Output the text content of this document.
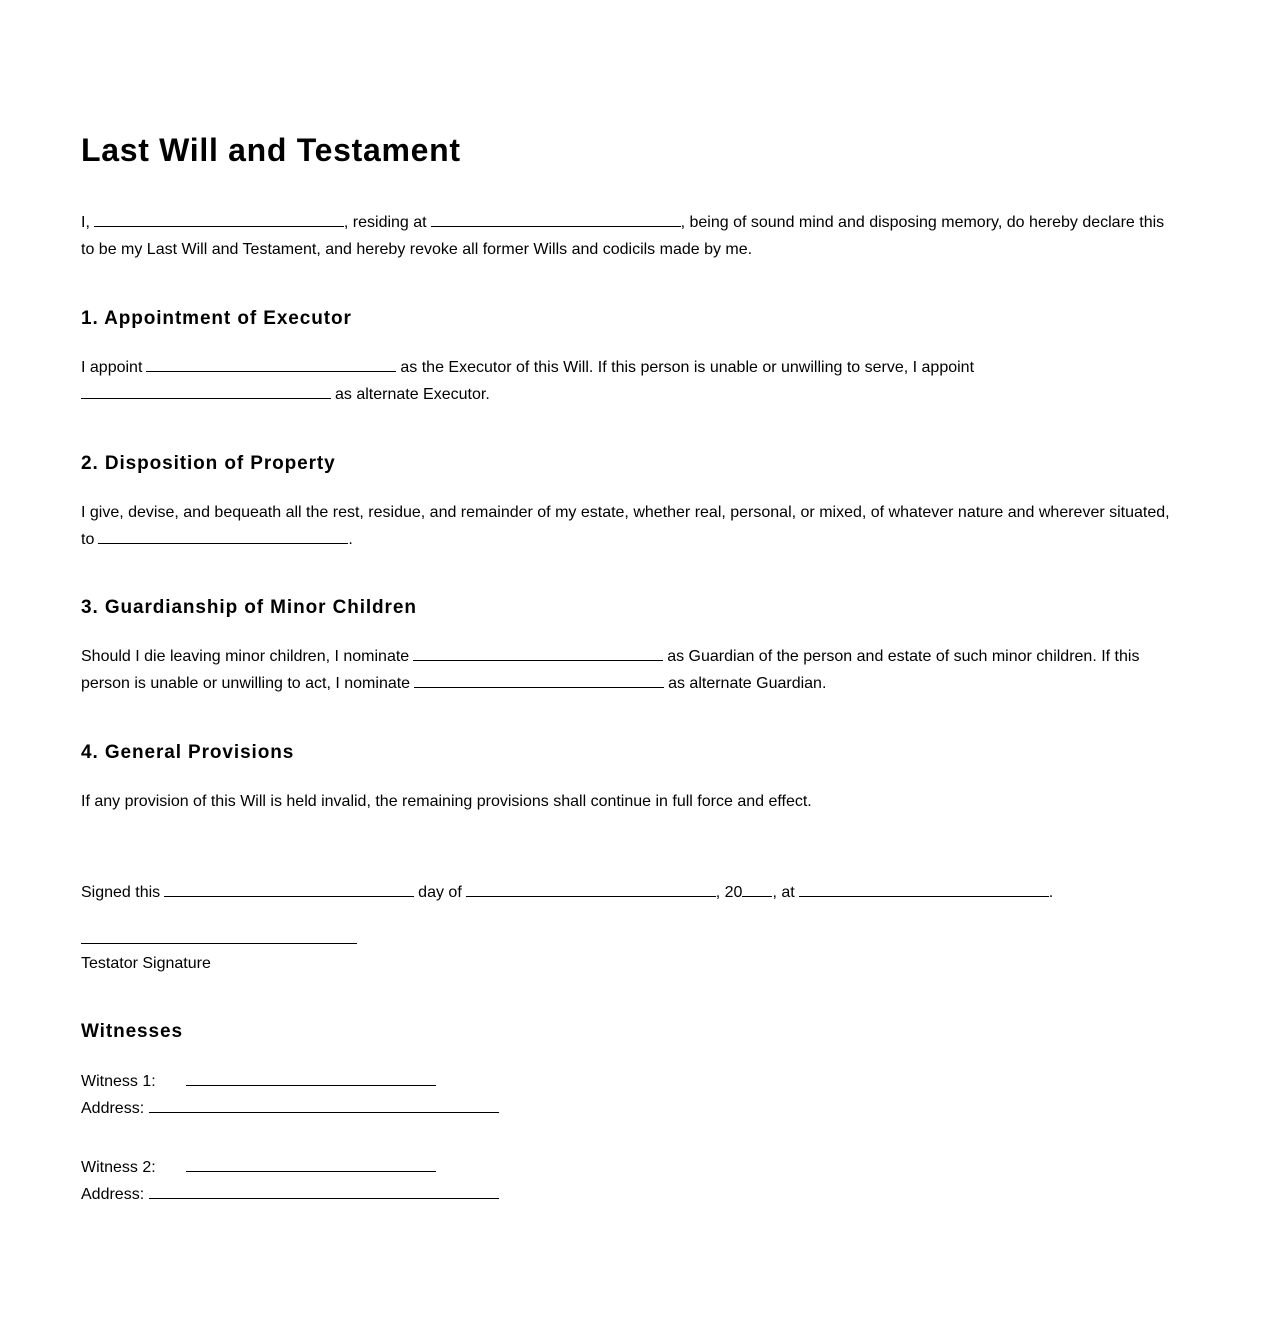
Last Will and Testament

I,	, residing at	, being of sound mind and disposing memory, do hereby declare this to be my Last Will and Testament, and hereby revoke all former Wills and codicils made by me.

1. Appointment of Executor

I appoint	as the Executor of this Will. If this person is unable or unwilling to serve, I appoint
as alternate Executor.

2. Disposition of Property

I give, devise, and bequeath all the rest, residue, and remainder of my estate, whether real, personal, or mixed, of whatever nature and wherever situated, to	.

3. Guardianship of Minor Children

Should I die leaving minor children, I nominate	as Guardian of the person and estate of such minor children. If this person is unable or unwilling to act, I nominate	as alternate Guardian.

4. General Provisions

If any provision of this Will is held invalid, the remaining provisions shall continue in full force and effect.

Signed this	day of	, 20 , at	.

Testator Signature
Witnesses
Witness 1:
Address:
Witness 2:
Address:
